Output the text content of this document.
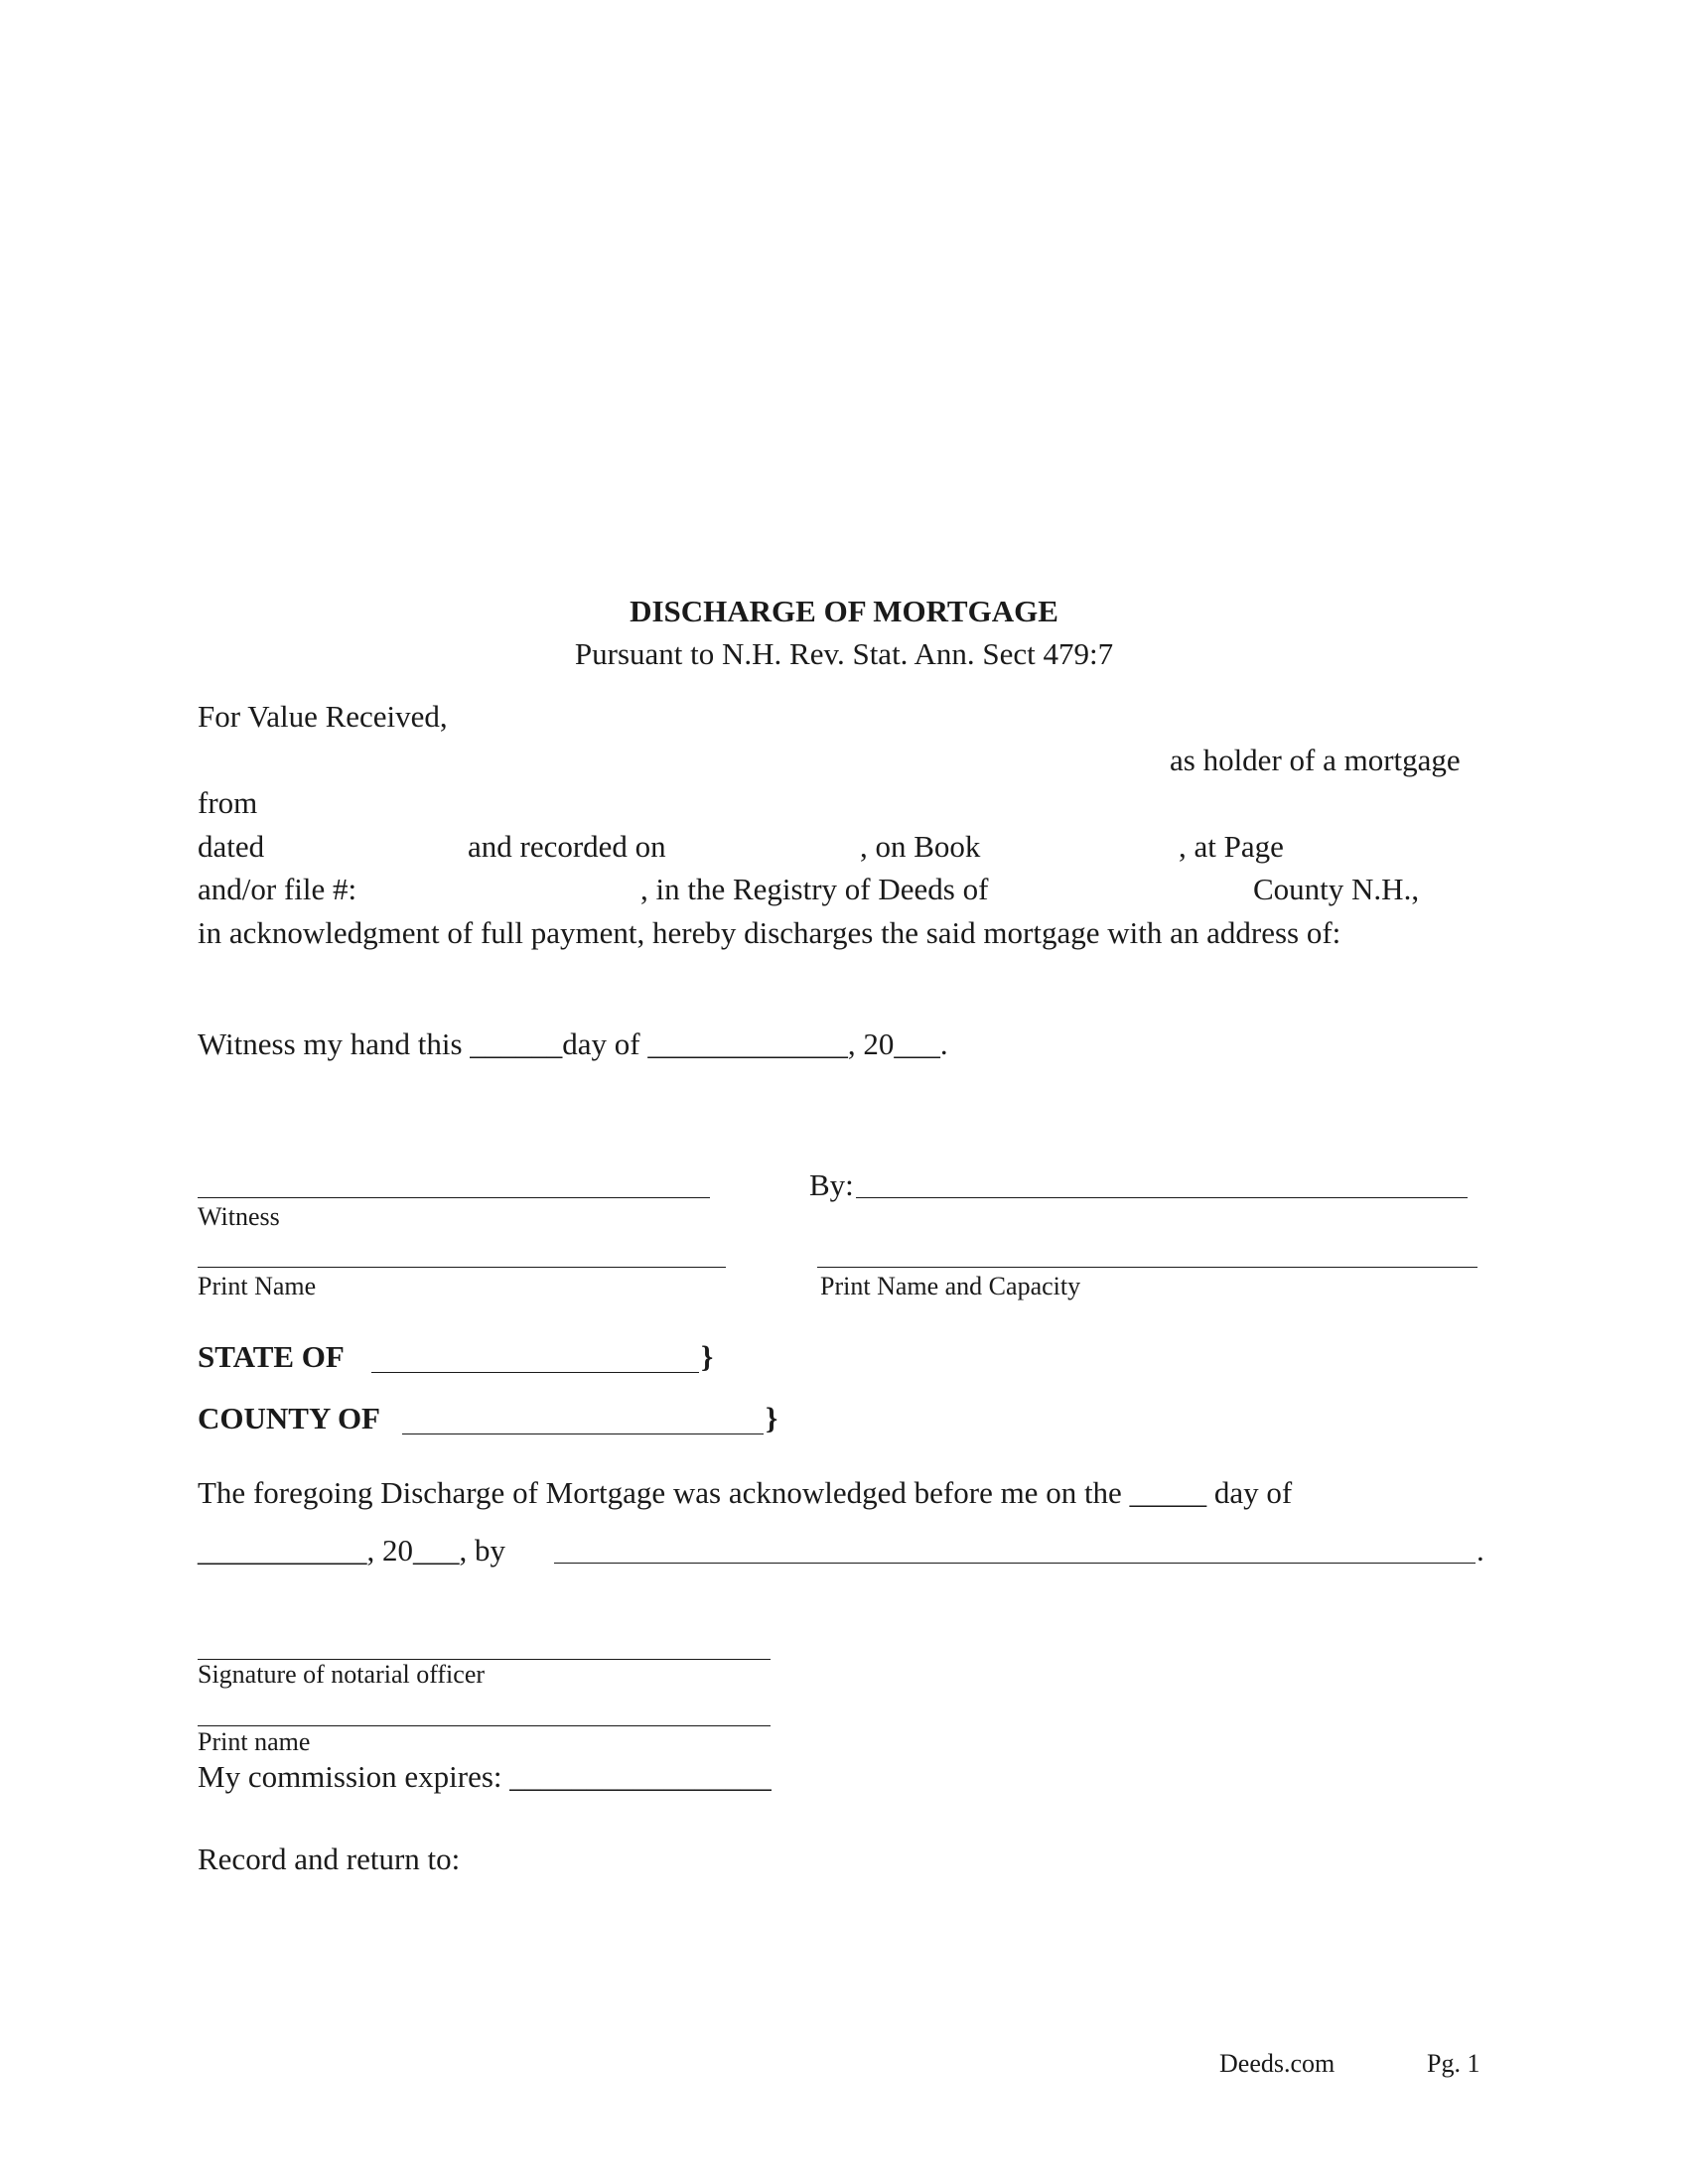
DISCHARGE OF MORTGAGE
Pursuant to N.H. Rev. Stat. Ann. Sect 479:7
For Value Received,
as holder of a mortgage
from
dated	and recorded on	, on Book	, at Page
and/or file #:	, in the Registry of Deeds of	County N.H.,
in acknowledgment of full payment, hereby discharges the said mortgage with an address of:
Witness my hand this ______day of _____________, 20___.
By:
Witness
Print Name	Print Name and Capacity
STATE OF	}
COUNTY OF	}
The foregoing Discharge of Mortgage was acknowledged before me on the _____ day of
___________, 20___, by	.
Signature of notarial officer
Print name
My commission expires: _________________
Record and return to:
Deeds.com	Pg. 1
